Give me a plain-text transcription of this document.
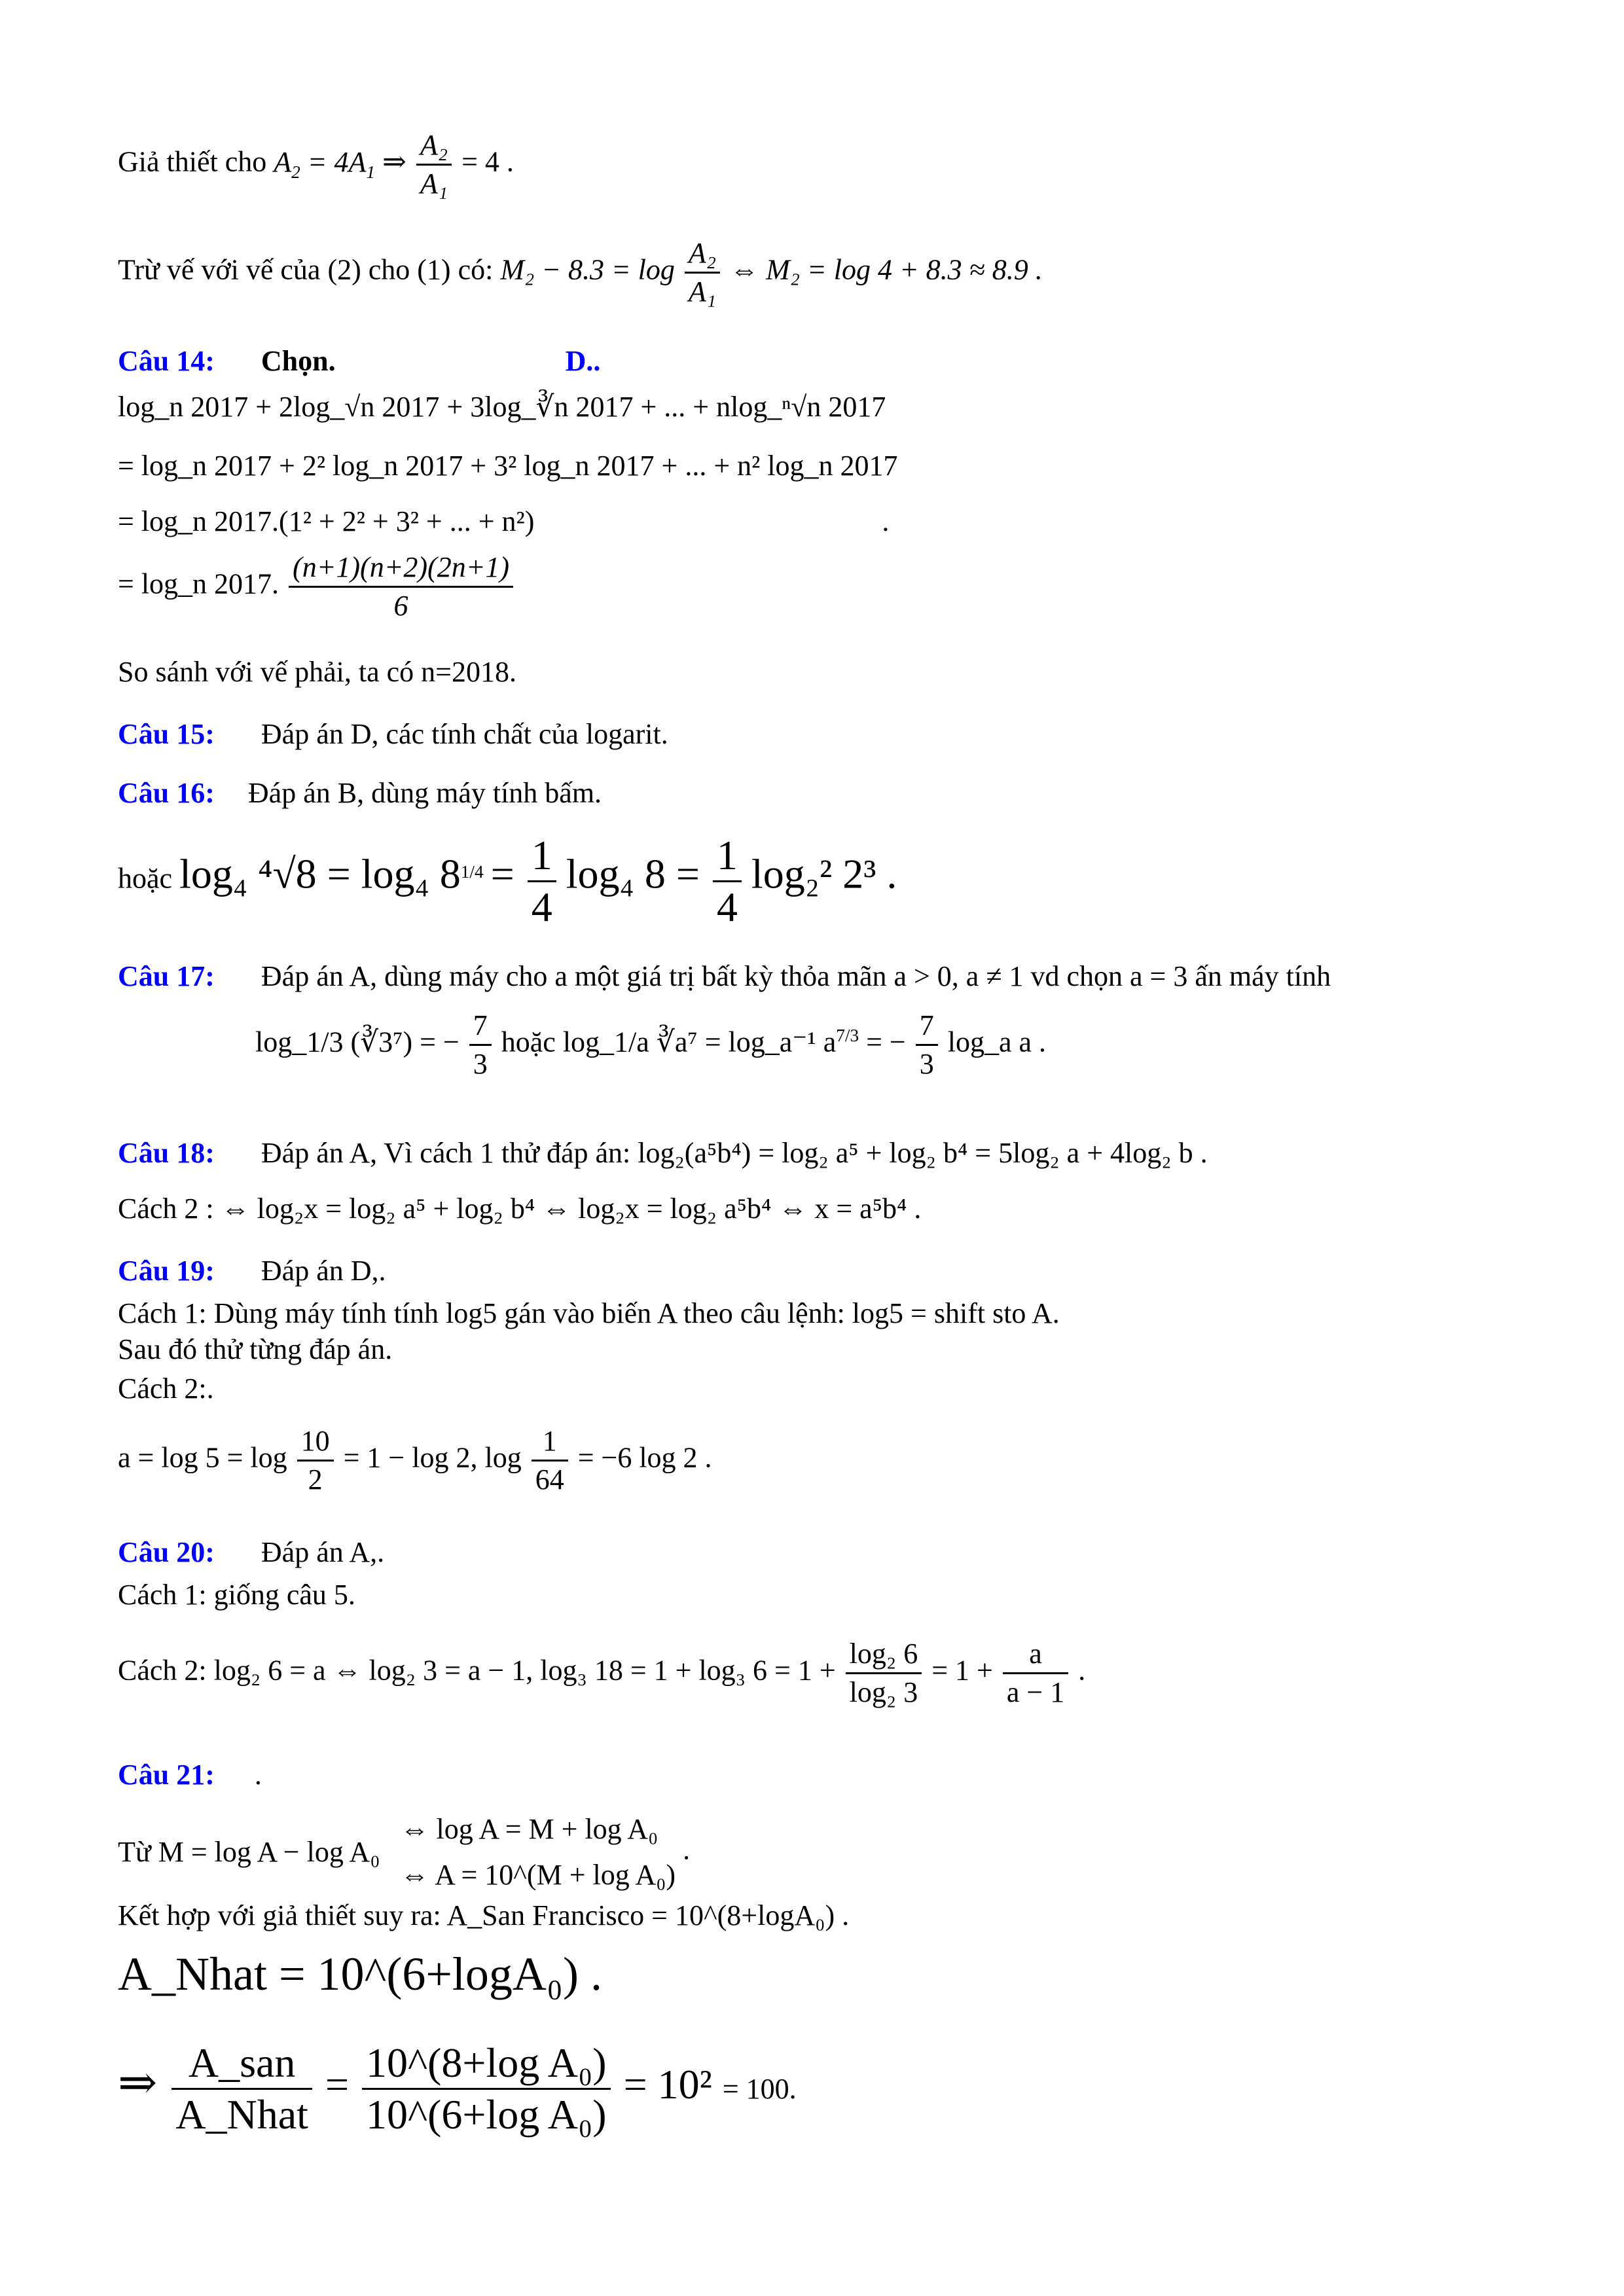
Giả thiết cho $A_2 = 4A_1$ ⇒ $\frac{\text{A₂}}{\text{A₁}} = 4$ .
Trừ vế với vế của (2) cho (1) có: $M_2 - 8.3 = \log \frac{\text{A₂}}{\text{A₁}}$ ⇔ M₂ = log 4 + 8.3 ≈ 8.9 .
Câu 14: Chọn.	D..
log_n 2017 + 2log_√n 2017 + 3log_∛n 2017 + ... + nlog_ⁿ√n 2017
= log_n 2017 + 2² log_n 2017 + 3² log_n 2017 + ... + n² log_n 2017
= log_n 2017.(1² + 2² + 3² + ... + n²)	.
= log_n 2017. $\frac{(n+1)(n+2)(2n+1)}{6}$
So sánh với vế phải, ta có n=2018.
Câu 15: Đáp án D, các tính chất của logarit.
Câu 16: Đáp án B, dùng máy tính bấm.
hoặc log₄ ⁴√8 = log₄ $8^{1/4} = \frac{1}{4} \log_4$ $8 = \frac{1}{4} \log_2^2$ 2³ .
Câu 17: Đáp án A, dùng máy cho a một giá trị bất kỳ thỏa mãn a > 0, a ≠ 1 vd chọn a = 3 ấn máy tính
log_1/3 (∛3⁷) = − $\frac{7}{3}$ hoặc log_1/a ∛a⁷ = log_a⁻¹ $a^{7/3}$ = − $\frac{7}{3}$ log_a a .
Câu 18: Đáp án A, Vì cách 1 thử đáp án: log₂(a⁵b⁴) = log₂ a⁵ + log₂ b⁴ = 5log₂ a + 4log₂ b .
Cách 2 : ⇔ log₂x = log₂ a⁵ + log₂ b⁴ ⇔ log₂x = log₂ a⁵b⁴ ⇔ x = a⁵b⁴ .
Câu 19: Đáp án D,.
Cách 1: Dùng máy tính tính log5 gán vào biến A theo câu lệnh: log5 = shift sto A.
Sau đó thử từng đáp án.
Cách 2:.
$a = \log 5 = \log \frac{10}{2} = 1 - \log 2$, $\log \frac{1}{64} = -6$ log 2 .
Câu 20: Đáp án A,.
Cách 1: giống câu 5.
Cách 2: log₂ 6 = a ⇔ log₂ 3 = a − 1, log₃ 18 = 1 + log₃ $6 = 1 + \frac{\text{log₂ 6}}{\text{log₂ 3}} = 1 + \frac{a}{a - 1}$ .
Câu 21: .
Từ M = log A − log A₀
⇔ log A = M + log A₀
⇔ A = 10^(M + log A₀)
.
Kết hợp với giả thiết suy ra: A_San Francisco = 10^(8+logA₀) .
A_Nhat = 10^(6+logA₀) .
⇒ $\frac{\text{A\_san}}{\text{A\_Nhat}} = \frac{\text{10\textasciicircum{}(8+log A₀)}}{\text{10\textasciicircum{}(6+log A₀)}} = 10^2 = 100$.
